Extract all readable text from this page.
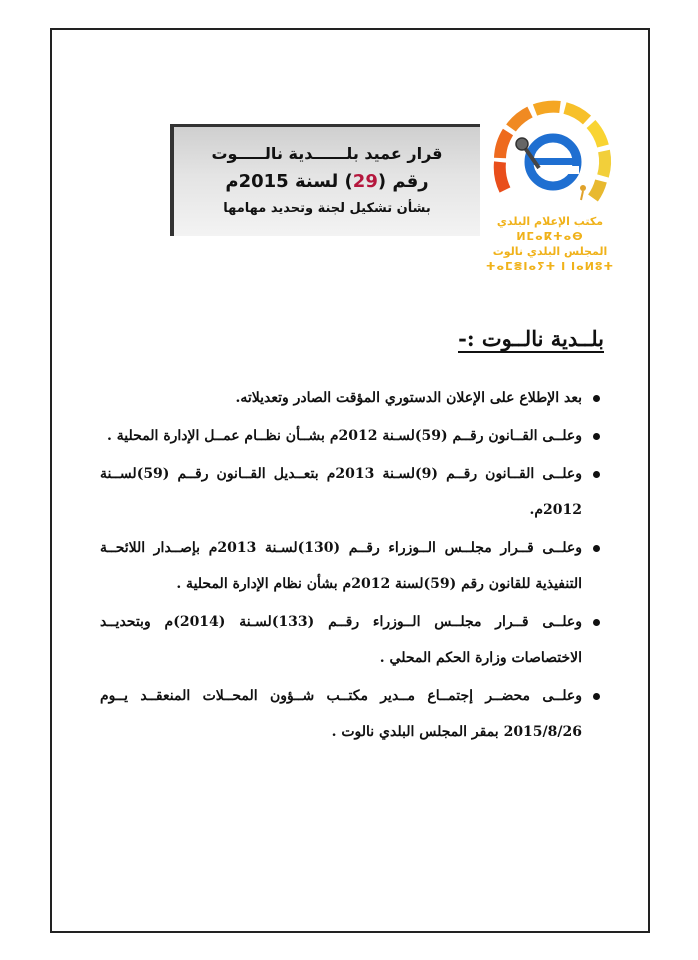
قرار عميد بلــــــدية نالـــــوت
رقم (29) لسنة 2015م
بشأن تشكيل لجنة وتحديد مهامها
مكتب الإعلام البلدي
ⵍⵎⴰⴽⵜⴰⴱ
المجلس البلدي نالوت
ⵜⴰⵎⴻⵏⴰⵢⵜ ⵏ ⵏⴰⵍⵓⵜ
بلــدية نالــوت :-
بعد الإطلاع على الإعلان الدستوري المؤقت الصادر وتعديلاته.
وعلــى القــانون رقــم (59)لسـنة 2012م بشــأن نظــام عمــل الإدارة المحلية .
وعلــى القــانون رقــم (9)لسـنة 2013م بتعــديل القــانون رقــم (59)لســنة 2012م.
وعلــى قــرار مجلــس الــوزراء رقــم (130)لسـنة 2013م بإصــدار اللائحــة التنفيذية للقانون رقم (59)لسنة 2012م بشأن نظام الإدارة المحلية .
وعلــى قــرار مجلــس الــوزراء رقــم (133)لسـنة (2014)م وبتحديــد الاختصاصات وزارة الحكم المحلي .
وعلــى محضــر إجتمــاع مــدير مكتــب شــؤون المحــلات المنعقــد يــوم 2015/8/26 بمقر المجلس البلدي نالوت .
